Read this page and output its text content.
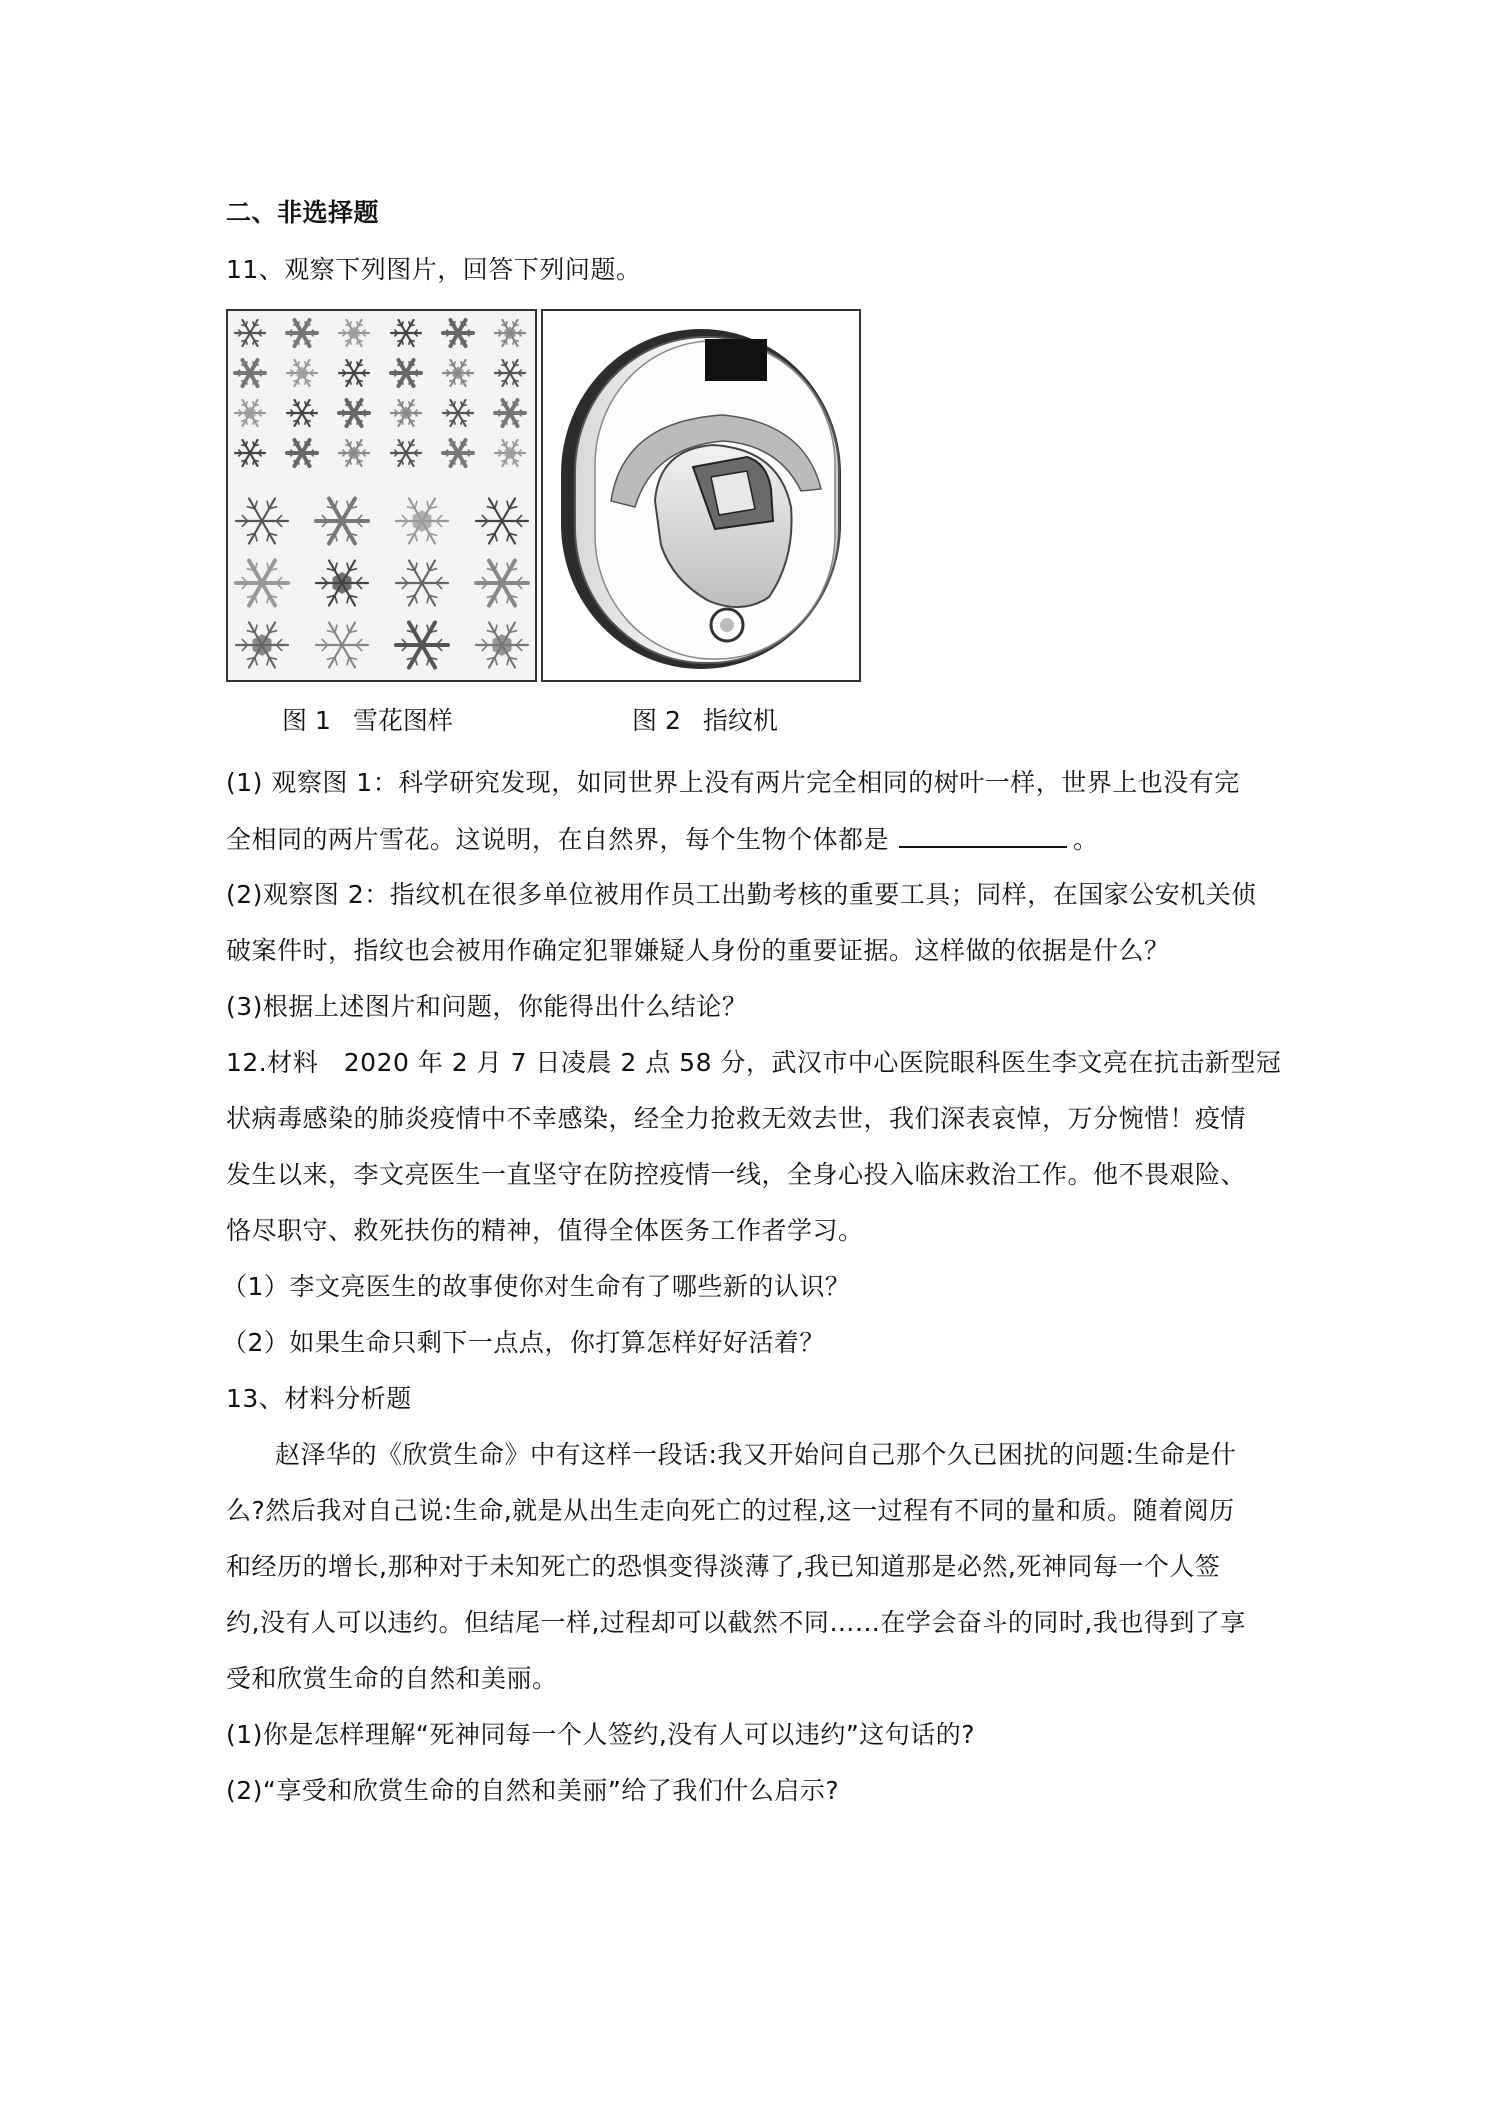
二、非选择题
11、观察下列图片，回答下列问题。
图 1 雪花图样	图 2 指纹机
(1) 观察图 1：科学研究发现，如同世界上没有两片完全相同的树叶一样，世界上也没有完
全相同的两片雪花。这说明，在自然界，每个生物个体都是	。
(2)观察图 2：指纹机在很多单位被用作员工出勤考核的重要工具；同样，在国家公安机关侦
破案件时，指纹也会被用作确定犯罪嫌疑人身份的重要证据。这样做的依据是什么？
(3)根据上述图片和问题，你能得出什么结论？
12.材料　2020 年 2 月 7 日凌晨 2 点 58 分，武汉市中心医院眼科医生李文亮在抗击新型冠
状病毒感染的肺炎疫情中不幸感染，经全力抢救无效去世，我们深表哀悼，万分惋惜！疫情
发生以来，李文亮医生一直坚守在防控疫情一线，全身心投入临床救治工作。他不畏艰险、
恪尽职守、救死扶伤的精神，值得全体医务工作者学习。
（1）李文亮医生的故事使你对生命有了哪些新的认识？
（2）如果生命只剩下一点点，你打算怎样好好活着？
13、材料分析题
赵泽华的《欣赏生命》中有这样一段话:我又开始问自己那个久已困扰的问题:生命是什
么?然后我对自己说:生命,就是从出生走向死亡的过程,这一过程有不同的量和质。随着阅历
和经历的增长,那种对于未知死亡的恐惧变得淡薄了,我已知道那是必然,死神同每一个人签
约,没有人可以违约。但结尾一样,过程却可以截然不同……在学会奋斗的同时,我也得到了享
受和欣赏生命的自然和美丽。
(1)你是怎样理解“死神同每一个人签约,没有人可以违约”这句话的?
(2)“享受和欣赏生命的自然和美丽”给了我们什么启示?
